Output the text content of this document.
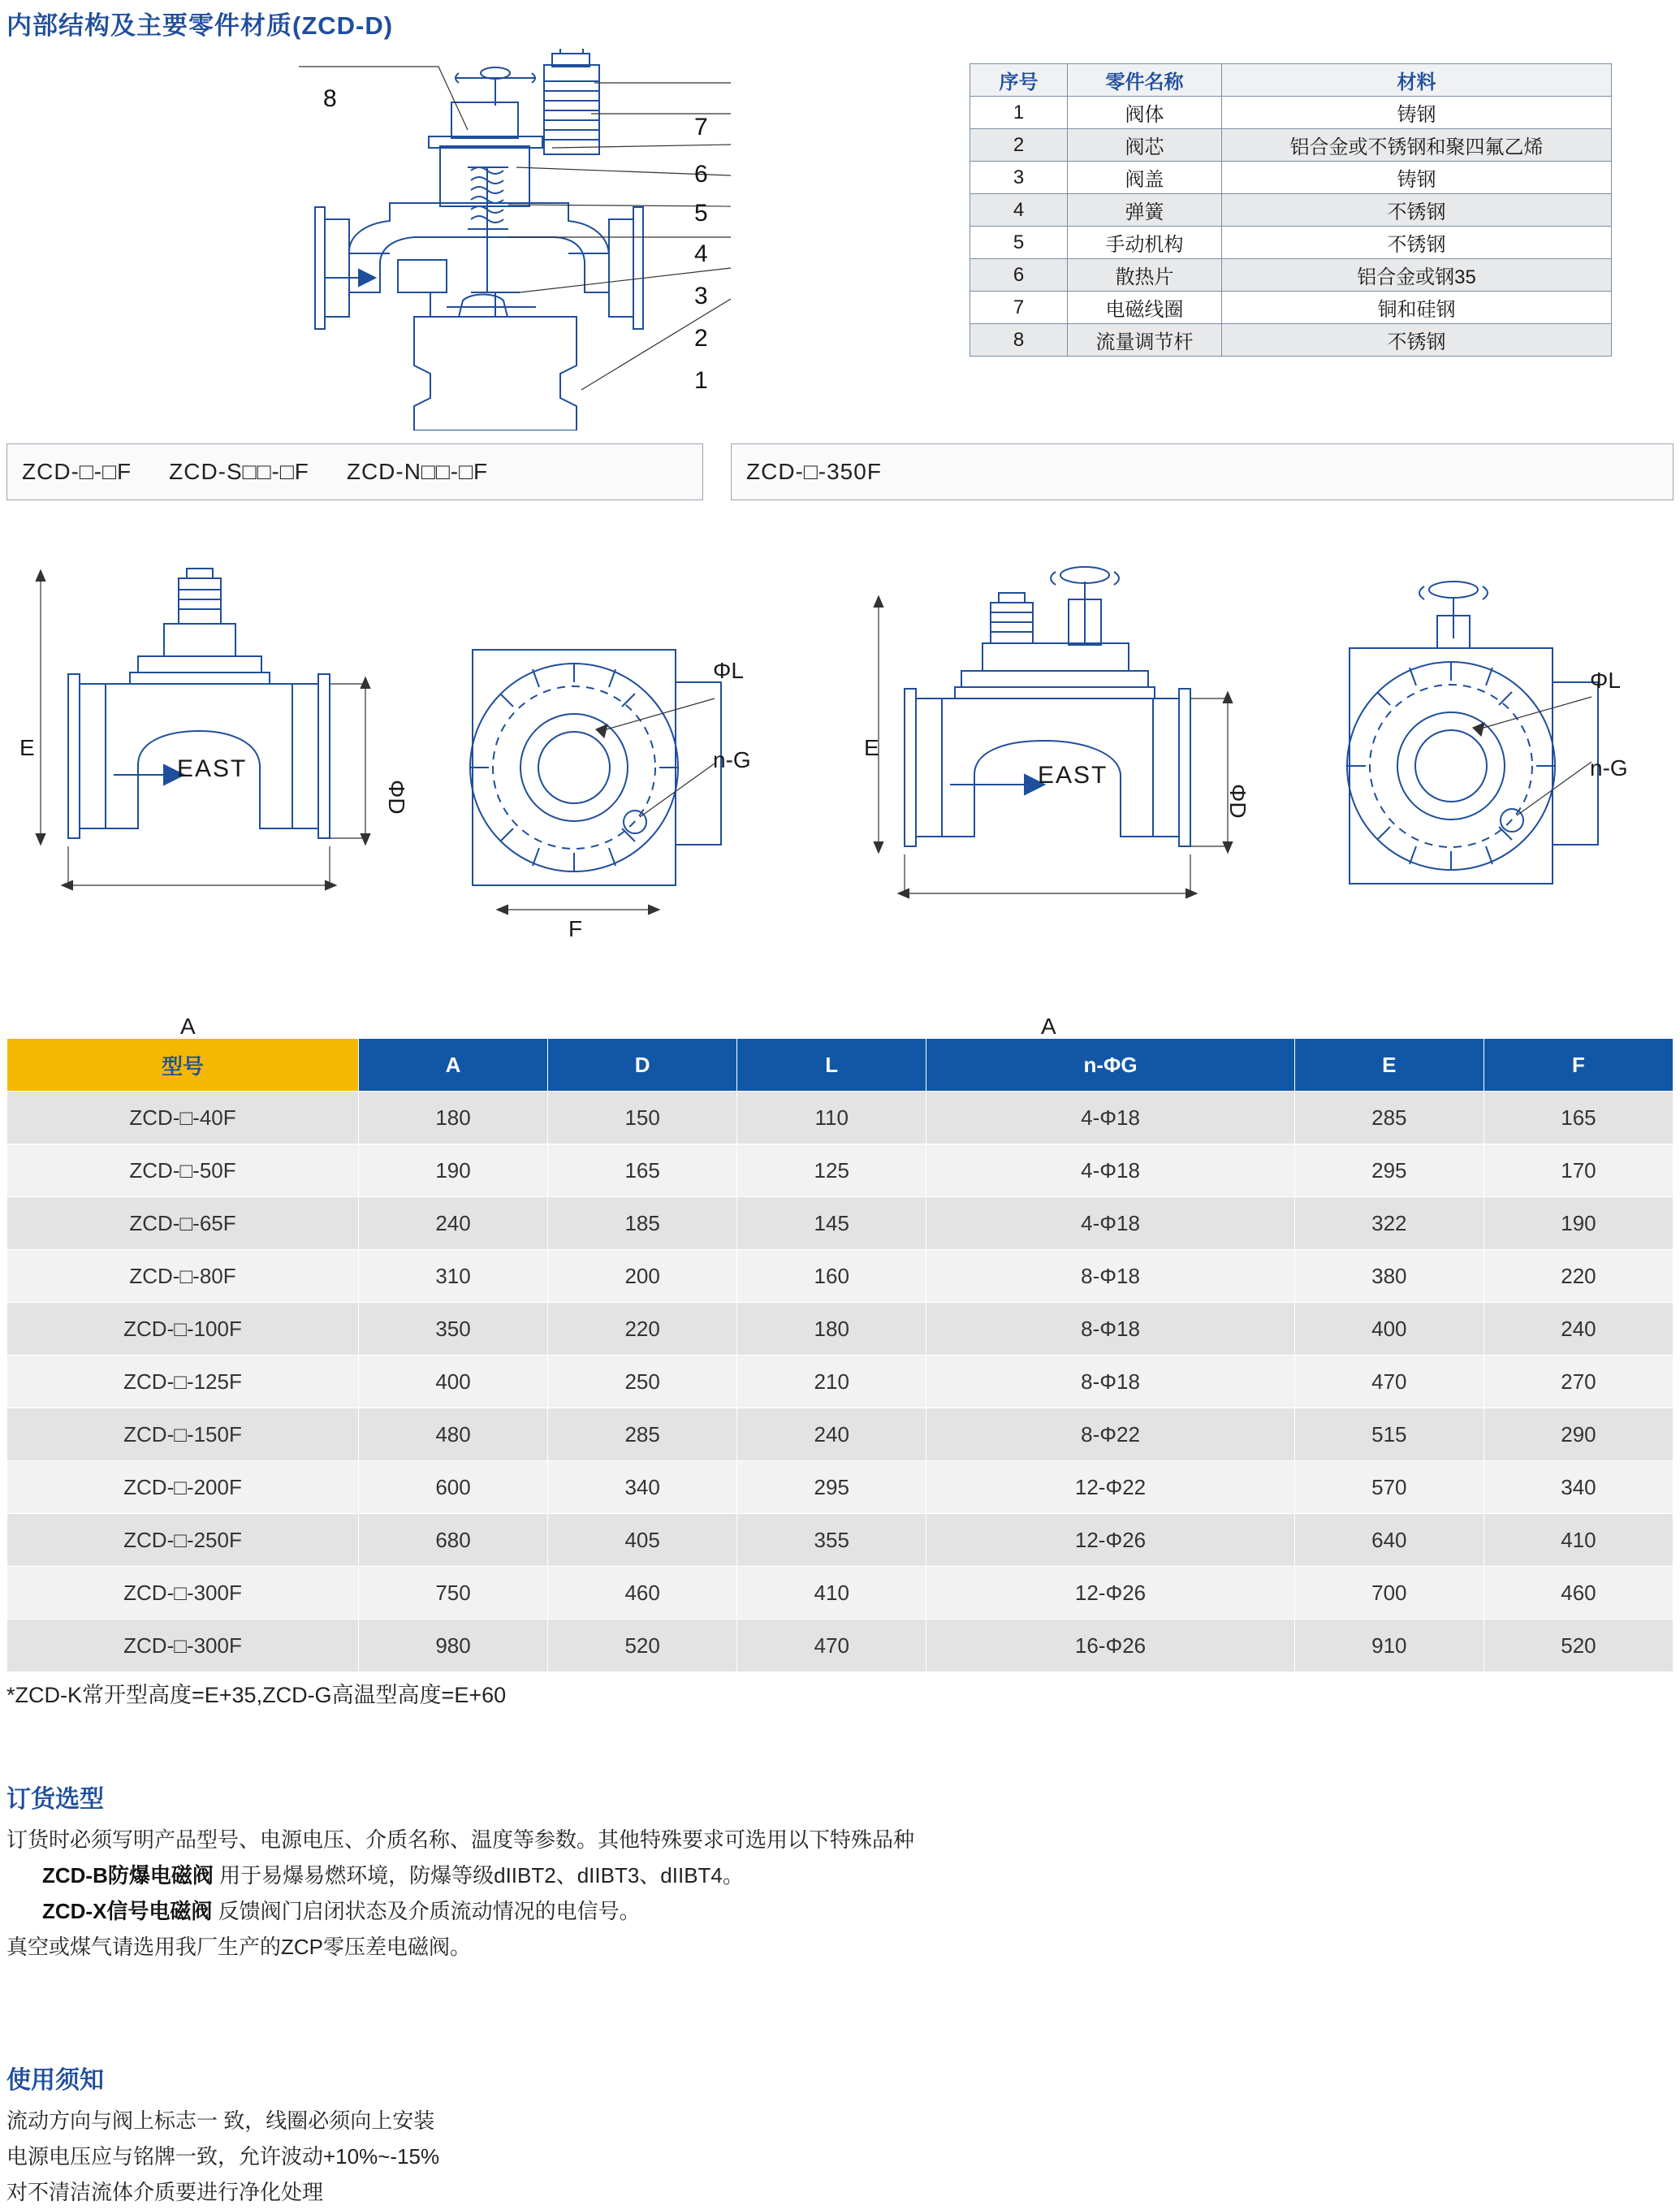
内部结构及主要零件材质(ZCD-D)
8
7
6
5
4
3
2
1
序号	零件名称	材料
1	阀体	铸钢
2	阀芯	铝合金或不锈钢和聚四氟乙烯
3	阀盖	铸钢
4	弹簧	不锈钢
5	手动机构	不锈钢
6	散热片	铝合金或钢35
7	电磁线圈	铜和硅钢
8	流量调节杆	不锈钢
ZCD-□-□F ZCD-S□□-□F ZCD-N□□-□F	ZCD-□-350F
E
A
ΦD
EAST
ΦL
n-G
F
E
A
ΦD
EAST
ΦL
n-G
型号	A	D	L	n-ΦG	E	F
ZCD-□-40F	180	150	110	4-Φ18	285	165
ZCD-□-50F	190	165	125	4-Φ18	295	170
ZCD-□-65F	240	185	145	4-Φ18	322	190
ZCD-□-80F	310	200	160	8-Φ18	380	220
ZCD-□-100F	350	220	180	8-Φ18	400	240
ZCD-□-125F	400	250	210	8-Φ18	470	270
ZCD-□-150F	480	285	240	8-Φ22	515	290
ZCD-□-200F	600	340	295	12-Φ22	570	340
ZCD-□-250F	680	405	355	12-Φ26	640	410
ZCD-□-300F	750	460	410	12-Φ26	700	460
ZCD-□-300F	980	520	470	16-Φ26	910	520
*ZCD-K常开型高度=E+35,ZCD-G高温型高度=E+60
订货选型
订货时必须写明产品型号、电源电压、介质名称、温度等参数。其他特殊要求可选用以下特殊品种
ZCD-B防爆电磁阀 用于易爆易燃环境，防爆等级dIIBT2、dIIBT3、dIIBT4。
ZCD-X信号电磁阀 反馈阀门启闭状态及介质流动情况的电信号。
真空或煤气请选用我厂生产的ZCP零压差电磁阀。
使用须知
流动方向与阀上标志一 致，线圈必须向上安装
电源电压应与铭牌一致，允许波动+10%~-15%
对不清洁流体介质要进行净化处理
